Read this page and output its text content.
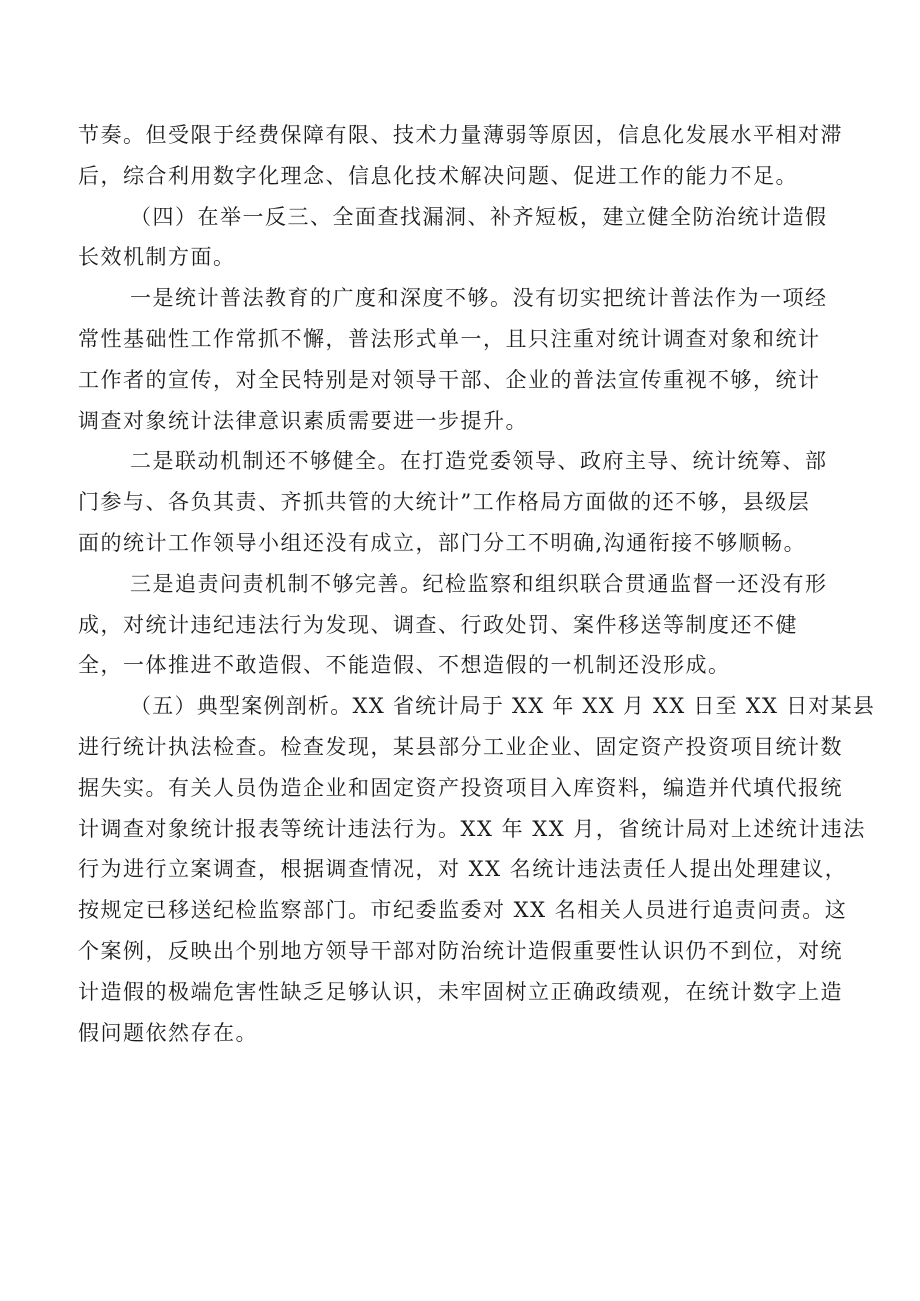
节奏。但受限于经费保障有限、技术力量薄弱等原因，信息化发展水平相对滞
后，综合利用数字化理念、信息化技术解决问题、促进工作的能力不足。
（四）在举一反三、全面查找漏洞、补齐短板，建立健全防治统计造假
长效机制方面。
一是统计普法教育的广度和深度不够。没有切实把统计普法作为一项经
常性基础性工作常抓不懈，普法形式单一，且只注重对统计调查对象和统计
工作者的宣传，对全民特别是对领导干部、企业的普法宣传重视不够，统计
调查对象统计法律意识素质需要进一步提升。
二是联动机制还不够健全。在打造党委领导、政府主导、统计统筹、部
门参与、各负其责、齐抓共管的大统计”工作格局方面做的还不够，县级层
面的统计工作领导小组还没有成立，部门分工不明确,沟通衔接不够顺畅。
三是追责问责机制不够完善。纪检监察和组织联合贯通监督一还没有形
成，对统计违纪违法行为发现、调查、行政处罚、案件移送等制度还不健
全，一体推进不敢造假、不能造假、不想造假的一机制还没形成。
（五）典型案例剖析。XX 省统计局于 XX 年 XX 月 XX 日至 XX 日对某县
进行统计执法检查。检查发现，某县部分工业企业、固定资产投资项目统计数
据失实。有关人员伪造企业和固定资产投资项目入库资料，编造并代填代报统
计调查对象统计报表等统计违法行为。XX 年 XX 月，省统计局对上述统计违法
行为进行立案调查，根据调查情况，对 XX 名统计违法责任人提出处理建议，
按规定已移送纪检监察部门。市纪委监委对 XX 名相关人员进行追责问责。这
个案例，反映出个别地方领导干部对防治统计造假重要性认识仍不到位，对统
计造假的极端危害性缺乏足够认识，未牢固树立正确政绩观，在统计数字上造
假问题依然存在。
